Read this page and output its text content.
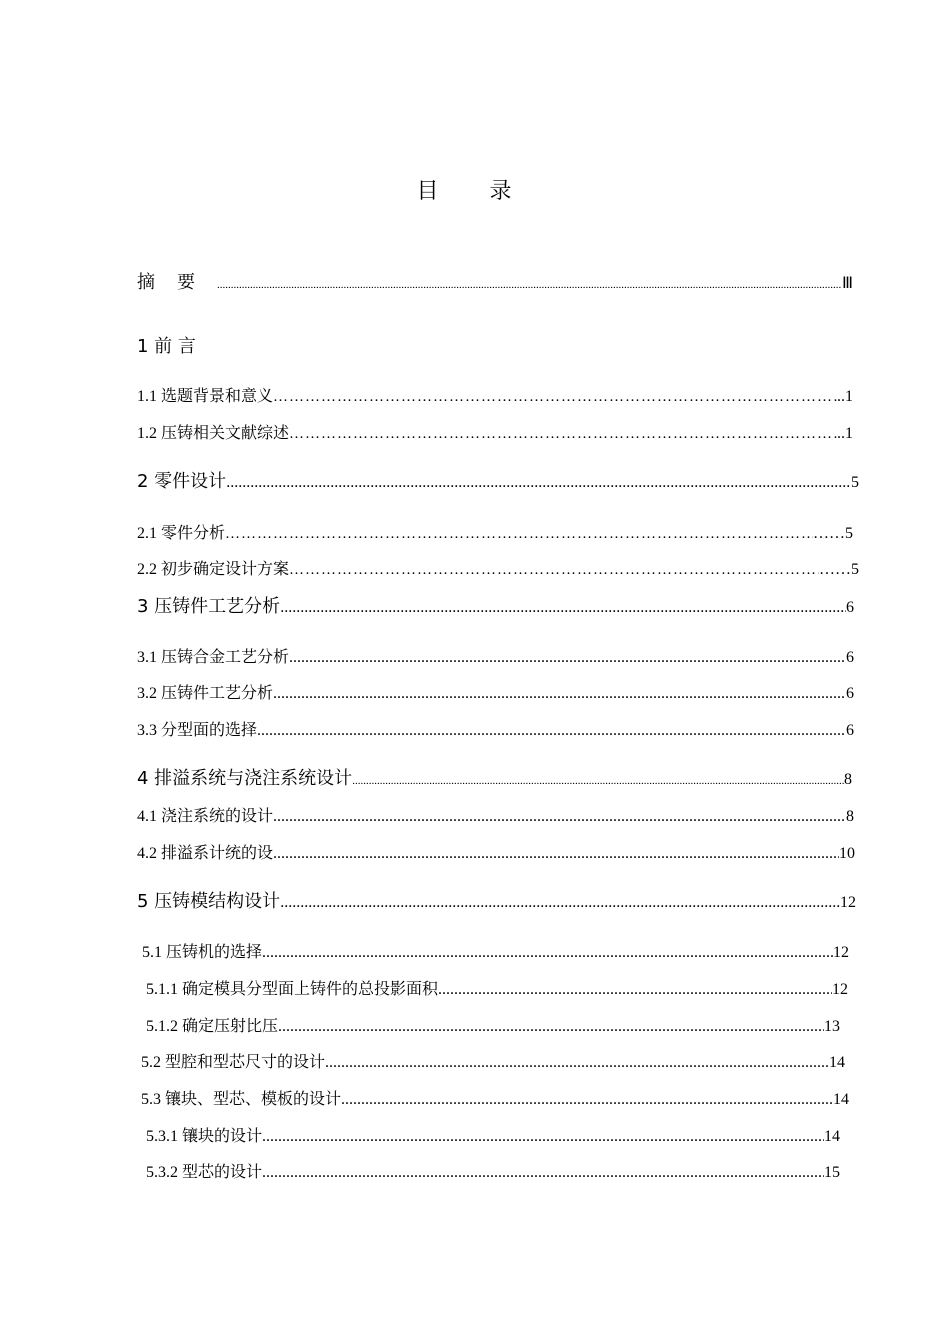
目 录
摘要 .....	Ⅲ
1 前 言
1.1 选题背景和意义 ……………………………………………………………………………………………………………………………………………………………………………………………………………	.. 1
1.2 压铸相关文献综述 ……………………………………………………………………………………………………………………………………………………………………………………………………………	.. 1
2 零件设计 .....	5
2.1 零件分析 ……………………………………………………………………………………………………………………………………………………………………………………………………………	…… 5
2.2 初步确定设计方案 ……………………………………………………………………………………………………………………………………………………………………………………………………………	…… 5
3 压铸件工艺分析 .....	6
3.1 压铸合金工艺分析 .....	6
3.2 压铸件工艺分析 .....	6
3.3 分型面的选择 .....	6
4 排溢系统与浇注系统设计 .....	8
4.1 浇注系统的设计 .....	8
4.2 排溢系计统的设 .....	10
5 压铸模结构设计 .....	12
5.1 压铸机的选择 .....	12
5.1.1 确定模具分型面上铸件的总投影面积 .....	12
5.1.2 确定压射比压 .....	13
5.2 型腔和型芯尺寸的设计 .....	14
5.3 镶块、型芯、模板的设计 .....	14
5.3.1 镶块的设计 .....	14
5.3.2 型芯的设计 .....	15
